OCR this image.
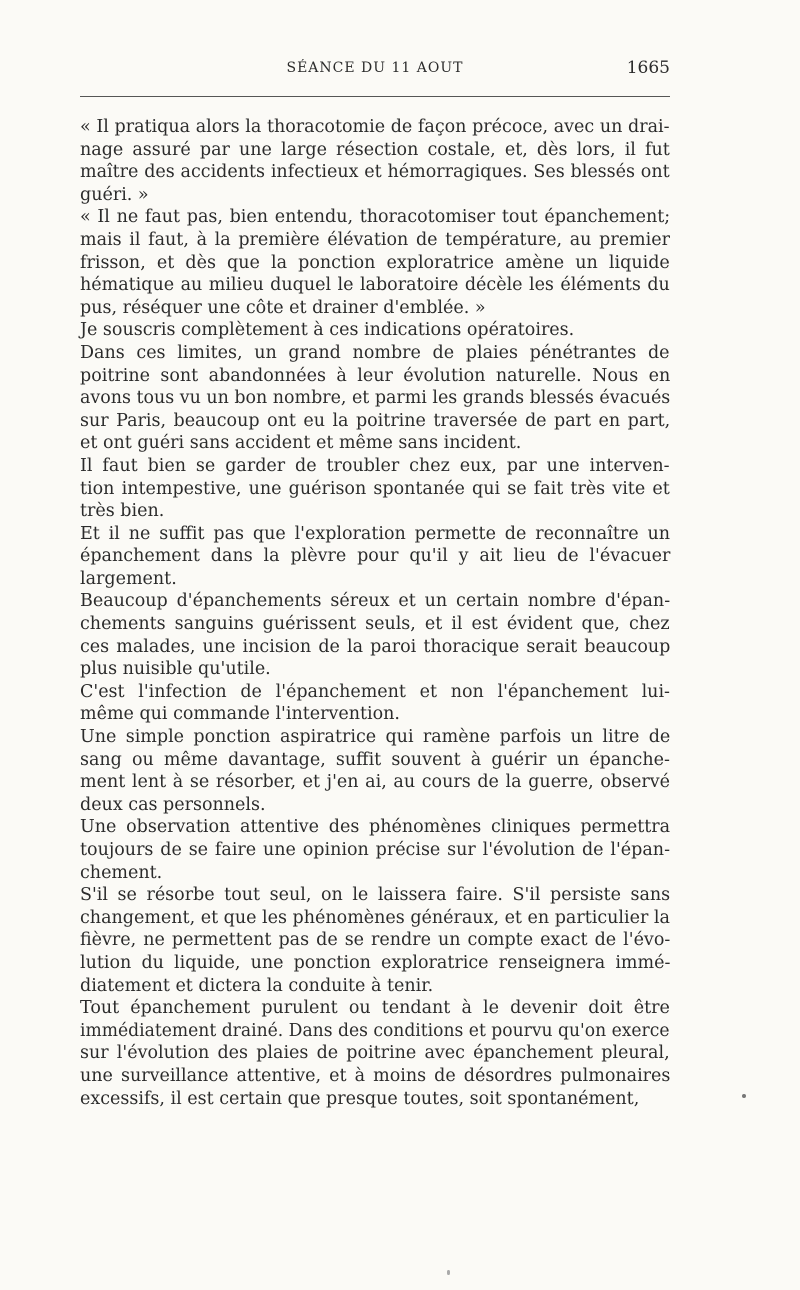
SÉANCE DU 11 AOUT	1665

« Il pratiqua alors la thoracotomie de façon précoce, avec un drai-
nage assuré par une large résection costale, et, dès lors, il fut
maître des accidents infectieux et hémorragiques. Ses blessés ont
guéri. »

« Il ne faut pas, bien entendu, thoracotomiser tout épanchement;
mais il faut, à la première élévation de température, au premier
frisson, et dès que la ponction exploratrice amène un liquide
hématique au milieu duquel le laboratoire décèle les éléments du
pus, réséquer une côte et drainer d'emblée. »

Je souscris complètement à ces indications opératoires.

Dans ces limites, un grand nombre de plaies pénétrantes de
poitrine sont abandonnées à leur évolution naturelle. Nous en
avons tous vu un bon nombre, et parmi les grands blessés évacués
sur Paris, beaucoup ont eu la poitrine traversée de part en part,
et ont guéri sans accident et même sans incident.

Il faut bien se garder de troubler chez eux, par une interven-
tion intempestive, une guérison spontanée qui se fait très vite et
très bien.

Et il ne suffit pas que l'exploration permette de reconnaître un
épanchement dans la plèvre pour qu'il y ait lieu de l'évacuer
largement.

Beaucoup d'épanchements séreux et un certain nombre d'épan-
chements sanguins guérissent seuls, et il est évident que, chez
ces malades, une incision de la paroi thoracique serait beaucoup
plus nuisible qu'utile.

C'est l'infection de l'épanchement et non l'épanchement lui-
même qui commande l'intervention.

Une simple ponction aspiratrice qui ramène parfois un litre de
sang ou même davantage, suffit souvent à guérir un épanche-
ment lent à se résorber, et j'en ai, au cours de la guerre, observé
deux cas personnels.

Une observation attentive des phénomènes cliniques permettra
toujours de se faire une opinion précise sur l'évolution de l'épan-
chement.

S'il se résorbe tout seul, on le laissera faire. S'il persiste sans
changement, et que les phénomènes généraux, et en particulier la
fièvre, ne permettent pas de se rendre un compte exact de l'évo-
lution du liquide, une ponction exploratrice renseignera immé-
diatement et dictera la conduite à tenir.

Tout épanchement purulent ou tendant à le devenir doit être
immédiatement drainé. Dans des conditions et pourvu qu'on exerce
sur l'évolution des plaies de poitrine avec épanchement pleural,
une surveillance attentive, et à moins de désordres pulmonaires
excessifs, il est certain que presque toutes, soit spontanément,
